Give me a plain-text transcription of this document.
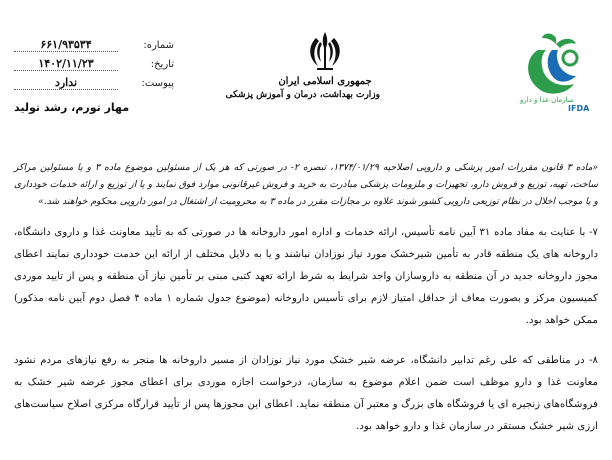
شماره:
۶۶۱/۹۳۵۳۴
تاریخ:
۱۴۰۲/۱۱/۲۳
پیوست:
ندارد
مهار تورم، رشد تولید
جمهوری اسلامی ایران
وزارت بهداشت، درمان و آموزش پزشکی	سازمان غذا و دارو
IFDA
«ماده ۳ قانون مقررات امور پزشکی و دارویی اصلاحیه ۱۳۷۴/۰۱/۲۹، تبصره ۲- در صورتی که هر یک از مسئولین موضوع ماده ۳ و یا مسئولین مراکز ساخت، تهیه، توزیع و فروش دارو، تجهیزات و ملزومات پزشکی مبادرت به خرید و فروش غیرقانونی موارد فوق نمایند و یا از توزیع و ارائه خدمات خودداری و یا موجب اخلال در نظام توزیعی دارویی کشور شوند علاوه بر مجازات مقرر در ماده ۳ به محرومیت از اشتغال در امور دارویی محکوم خواهند شد.»
۷- با عنایت به مفاد ماده ۳۱ آیین نامه تأسیس، ارائه خدمات و اداره امور داروخانه ها در صورتی که به تأیید معاونت غذا و داروی دانشگاه، داروخانه های یک منطقه قادر به تأمین شیرخشک مورد نیاز نوزادان نباشند و یا به دلایل مختلف از ارائه این خدمت خودداری نمایند اعطای مجوز داروخانه جدید در آن منطقه به داروسازان واجد شرایط به شرط ارائه تعهد کتبی مبنی بر تأمین نیاز آن منطقه و پس از تایید موردی کمیسیون مرکز و بصورت معاف از حداقل امتیاز لازم برای تأسیس داروخانه (موضوع جدول شماره ۱ ماده ۴ فصل دوم آیین نامه مذکور) ممکن خواهد بود.
۸- در مناطقی که علی رغم تدابیر دانشگاه، عرضه شیر خشک مورد نیاز نوزادان از مسیر داروخانه ها منجر به رفع نیازهای مردم نشود معاونت غذا و دارو موظف است ضمن اعلام موضوع به سازمان، درخواست اجازه موردی برای اعطای مجوز عرضه شیر خشک به فروشگاه‌های زنجیره ای یا فروشگاه های بزرگ و معتبر آن منطقه نماید. اعطای این مجوزها پس از تأیید قرارگاه مرکزی اصلاح سیاست‌های ارزی شیر خشک مستقر در سازمان غذا و دارو خواهد بود.
